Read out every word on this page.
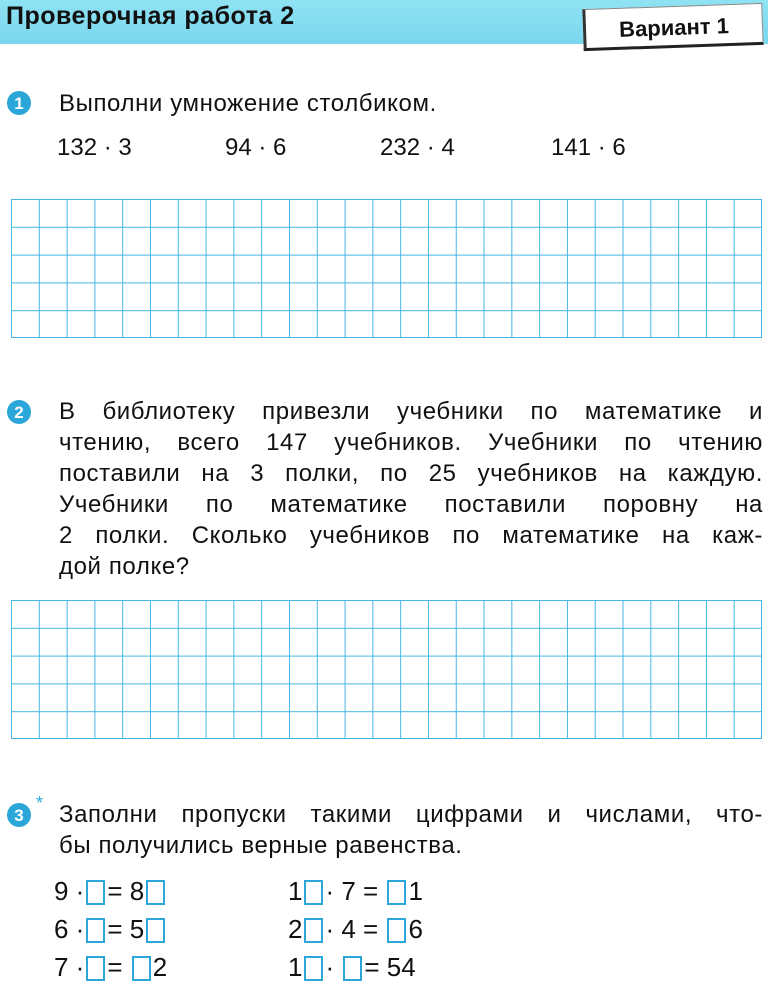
Проверочная работа 2	Вариант 1
1 Выполни умножение столбиком.
132 · 3	94 · 6	232 · 4	141 · 6
2 В библиотеку привезли учебники по математике и

чтению, всего 147 учебников. Учебники по чтению

поставили на 3 полки, по 25 учебников на каждую.

Учебники по математике поставили поровну на

2 полки. Сколько учебников по математике на каж-

дой полке?

3
* Заполни пропуски такими цифрами и числами, что-

бы получились верные равенства.

9 · = 8
6 · = 5
7 · = 2
1 · 7 = 1
2 · 4 = 6
1 · = 54
